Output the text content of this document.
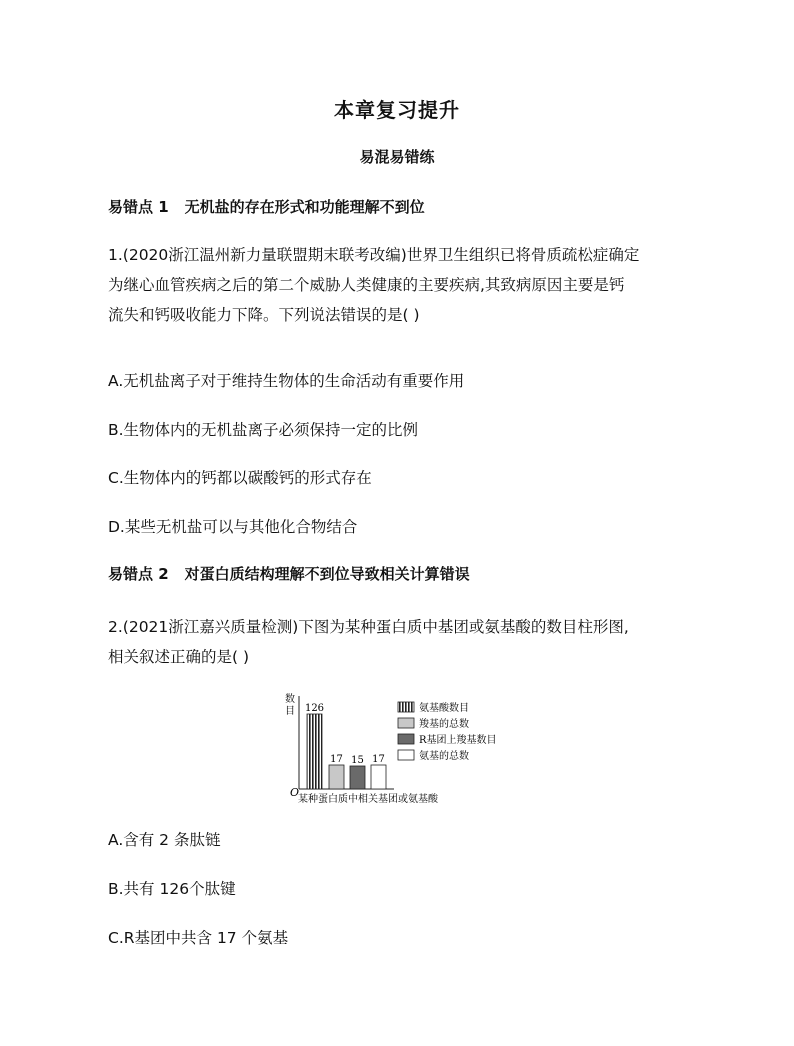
本章复习提升
易混易错练
易错点 1 无机盐的存在形式和功能理解不到位
1.(2020浙江温州新力量联盟期末联考改编)世界卫生组织已将骨质疏松症确定
为继心血管疾病之后的第二个威胁人类健康的主要疾病,其致病原因主要是钙
流失和钙吸收能力下降。下列说法错误的是( )
A.无机盐离子对于维持生物体的生命活动有重要作用
B.生物体内的无机盐离子必须保持一定的比例
C.生物体内的钙都以碳酸钙的形式存在
D.某些无机盐可以与其他化合物结合
易错点 2 对蛋白质结构理解不到位导致相关计算错误
2.(2021浙江嘉兴质量检测)下图为某种蛋白质中基团或氨基酸的数目柱形图,
相关叙述正确的是( )
数
目
O
某种蛋白质中相关基团或氨基酸
126
17 15 17
氨基酸数目
羧基的总数
R基团上羧基数目
氨基的总数
A.含有 2 条肽链
B.共有 126个肽键
C.R基团中共含 17 个氨基
